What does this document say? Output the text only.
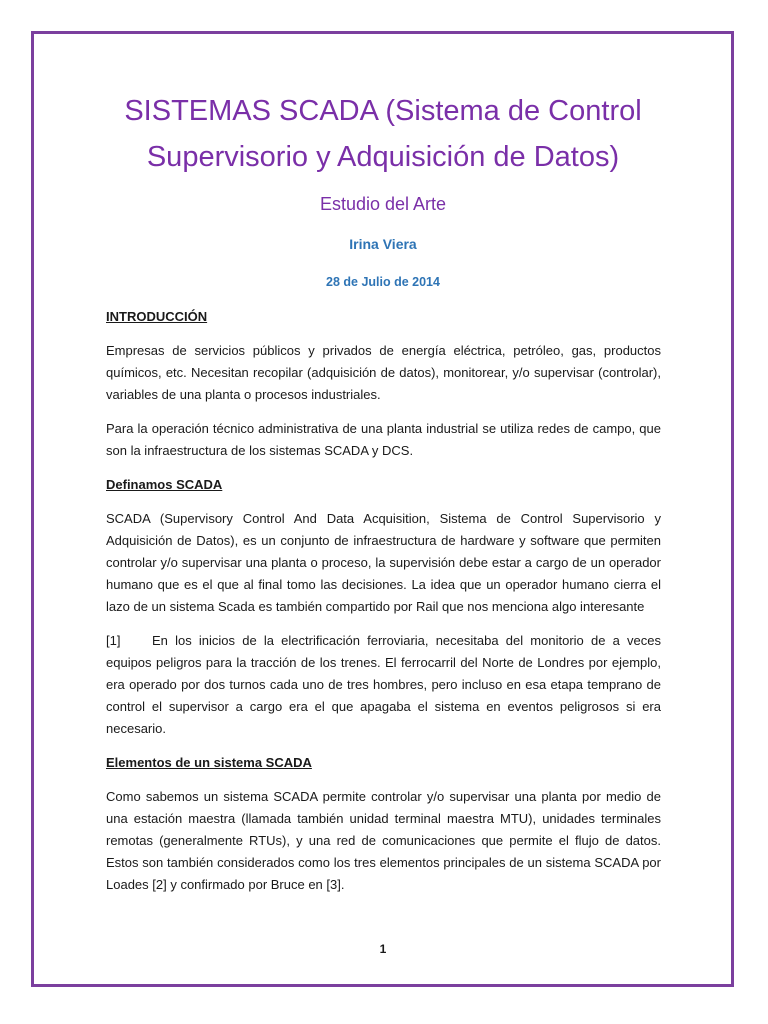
SISTEMAS SCADA (Sistema de Control
Supervisorio y Adquisición de Datos)

Estudio del Arte

Irina Viera

28 de Julio de 2014

INTRODUCCIÓN

Empresas de servicios públicos y privados de energía eléctrica, petróleo, gas, productos químicos, etc. Necesitan recopilar (adquisición de datos), monitorear, y/o supervisar (controlar), variables de una planta o procesos industriales.

Para la operación técnico administrativa de una planta industrial se utiliza redes de campo, que son la infraestructura de los sistemas SCADA y DCS.

Definamos SCADA

SCADA (Supervisory Control And Data Acquisition, Sistema de Control Supervisorio y Adquisición de Datos), es un conjunto de infraestructura de hardware y software que permiten controlar y/o supervisar una planta o proceso, la supervisión debe estar a cargo de un operador humano que es el que al final tomo las decisiones. La idea que un operador humano cierra el lazo de un sistema Scada es también compartido por Rail que nos menciona algo interesante

[1] En los inicios de la electrificación ferroviaria, necesitaba del monitorio de a veces equipos peligros para la tracción de los trenes. El ferrocarril del Norte de Londres por ejemplo, era operado por dos turnos cada uno de tres hombres, pero incluso en esa etapa temprano de control el supervisor a cargo era el que apagaba el sistema en eventos peligrosos si era necesario.

Elementos de un sistema SCADA

Como sabemos un sistema SCADA permite controlar y/o supervisar una planta por medio de una estación maestra (llamada también unidad terminal maestra MTU), unidades terminales remotas (generalmente RTUs), y una red de comunicaciones que permite el flujo de datos. Estos son también considerados como los tres elementos principales de un sistema SCADA por Loades [2] y confirmado por Bruce en [3].

1
